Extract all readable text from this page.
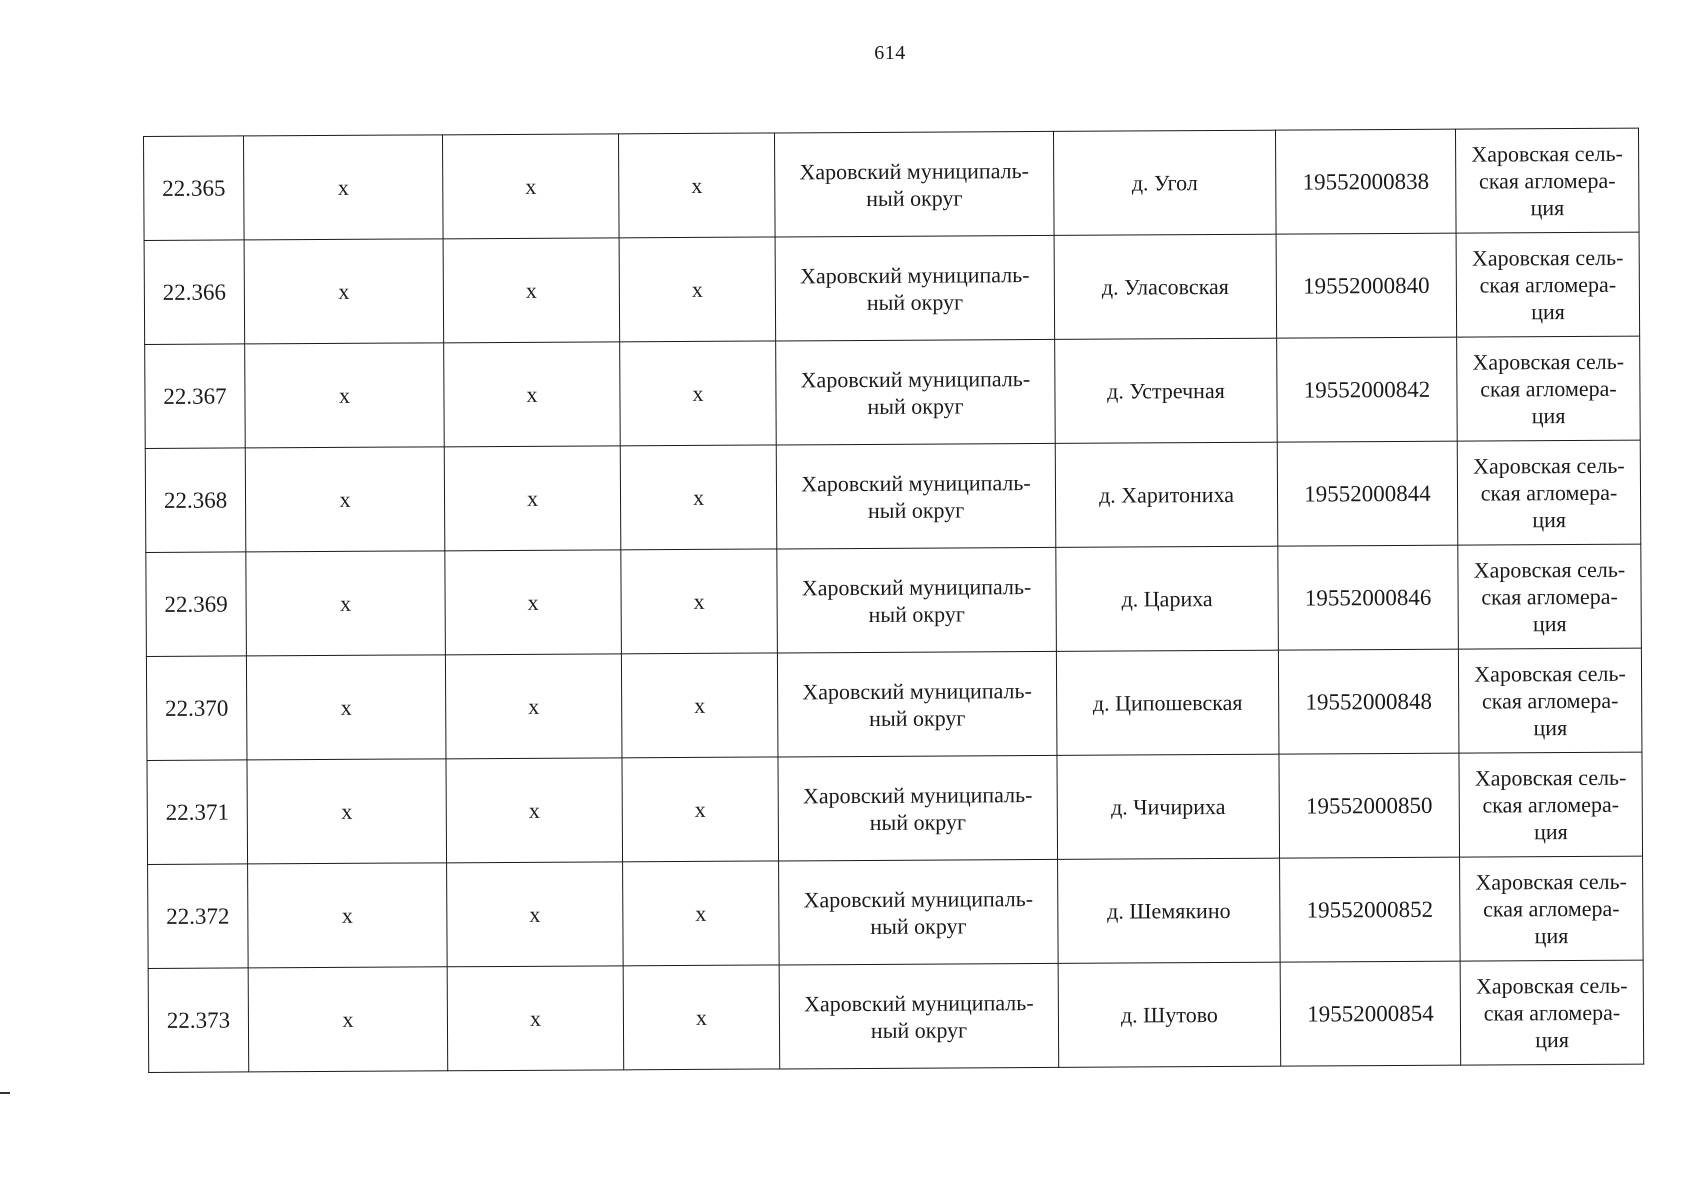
614
22.365	x	x	x	Харовский муниципаль-
ный округ	д. Угол	19552000838	Харовская сель-
ская агломера-
ция

22.366	x	x	x	Харовский муниципаль-
ный округ	д. Уласовская	19552000840	Харовская сель-
ская агломера-
ция

22.367	x	x	x	Харовский муниципаль-
ный округ	д. Устречная	19552000842	Харовская сель-
ская агломера-
ция

22.368	x	x	x	Харовский муниципаль-
ный округ	д. Харитониха	19552000844	Харовская сель-
ская агломера-
ция

22.369	x	x	x	Харовский муниципаль-
ный округ	д. Цариха	19552000846	Харовская сель-
ская агломера-
ция

22.370	x	x	x	Харовский муниципаль-
ный округ	д. Ципошевская	19552000848	Харовская сель-
ская агломера-
ция

22.371	x	x	x	Харовский муниципаль-
ный округ	д. Чичириха	19552000850	Харовская сель-
ская агломера-
ция

22.372	x	x	x	Харовский муниципаль-
ный округ	д. Шемякино	19552000852	Харовская сель-
ская агломера-
ция

22.373	x	x	x	Харовский муниципаль-
ный округ	д. Шутово	19552000854	Харовская сель-
ская агломера-
ция
